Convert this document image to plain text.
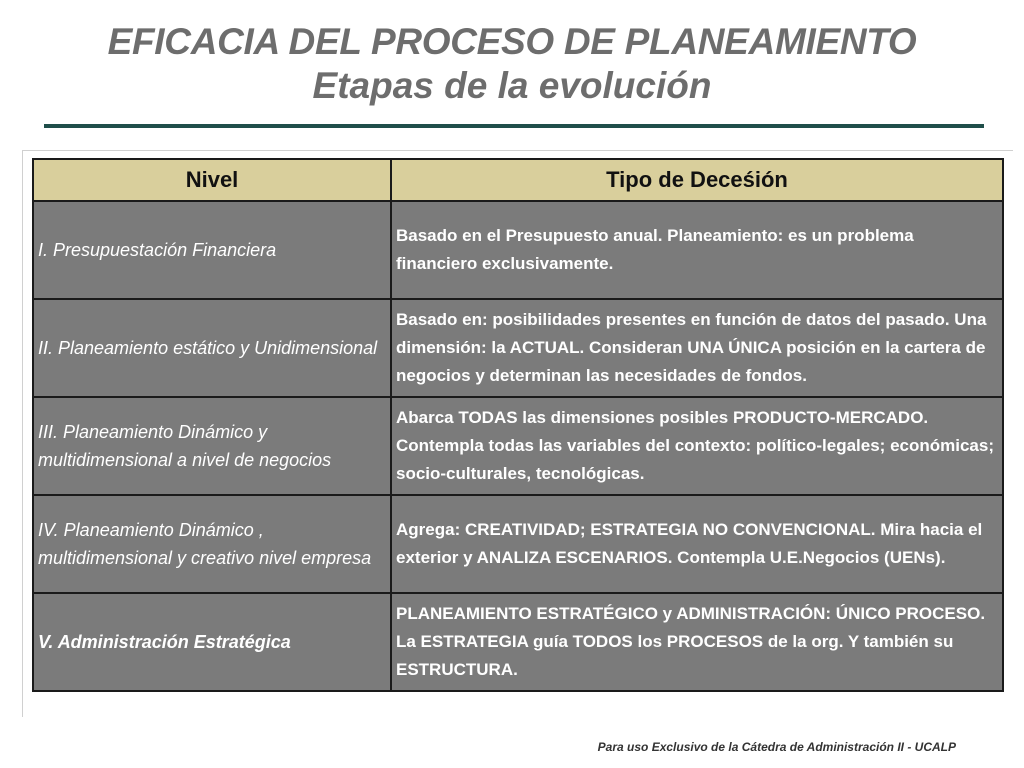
EFICACIA DEL PROCESO DE PLANEAMIENTO
Etapas de la evolución
Nivel	Tipo de Deceśión
I. Presupuestación Financiera	Basado en el Presupuesto anual. Planeamiento: es un problema financiero exclusivamente.
II. Planeamiento estático y Unidimensional	Basado en: posibilidades presentes en función de datos del pasado. Una dimensión: la ACTUAL. Consideran UNA ÚNICA posición en la cartera de negocios y determinan las necesidades de fondos.
III. Planeamiento Dinámico y multidimensional a nivel de negocios	Abarca TODAS las dimensiones posibles PRODUCTO-MERCADO. Contempla todas las variables del contexto: político-legales; económicas; socio-culturales, tecnológicas.
IV. Planeamiento Dinámico , multidimensional y creativo nivel empresa	Agrega: CREATIVIDAD; ESTRATEGIA NO CONVENCIONAL. Mira hacia el exterior y ANALIZA ESCENARIOS. Contempla U.E.Negocios (UENs).
V. Administración Estratégica	PLANEAMIENTO ESTRATÉGICO y ADMINISTRACIÓN: ÚNICO PROCESO. La ESTRATEGIA guía TODOS los PROCESOS de la org. Y también su ESTRUCTURA.
Para uso Exclusivo de la Cátedra de Administración II - UCALP
